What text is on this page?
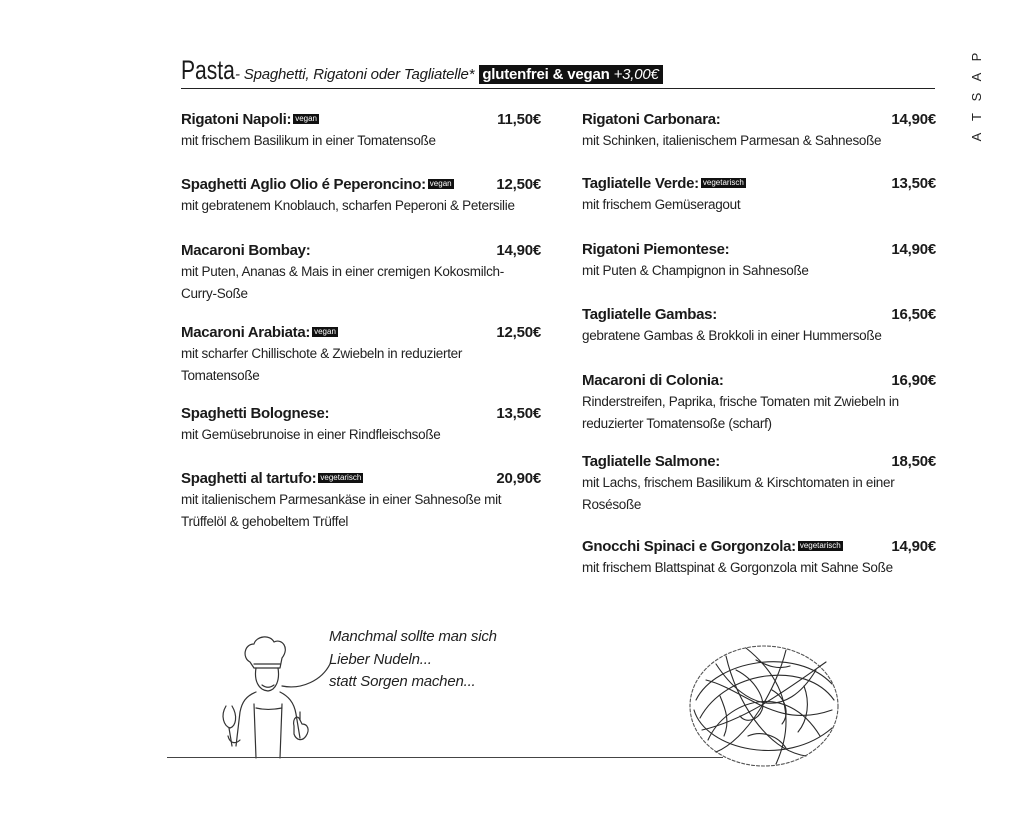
Pasta - Spaghetti, Rigatoni oder Tagliatelle* glutenfrei & vegan +3,00€
P
A
S
T
A
Rigatoni Napoli: vegan	11,50€
mit frischem Basilikum in einer Tomatensoße
Spaghetti Aglio Olio é Peperoncino: vegan	12,50€
mit gebratenem Knoblauch, scharfen Peperoni & Petersilie
Macaroni Bombay:	14,90€
mit Puten, Ananas & Mais in einer cremigen Kokosmilch-Curry-Soße
Macaroni Arabiata: vegan	12,50€
mit scharfer Chillischote & Zwiebeln in reduzierter Tomatensoße
Spaghetti Bolognese:	13,50€
mit Gemüsebrunoise in einer Rindfleischsoße
Spaghetti al tartufo: vegetarisch	20,90€
mit italienischem Parmesankäse in einer Sahnesoße mit Trüffelöl & gehobeltem Trüffel
Rigatoni Carbonara:	14,90€
mit Schinken, italienischem Parmesan & Sahnesoße
Tagliatelle Verde: vegetarisch	13,50€
mit frischem Gemüseragout
Rigatoni Piemontese:	14,90€
mit Puten & Champignon in Sahnesoße
Tagliatelle Gambas:	16,50€
gebratene Gambas & Brokkoli in einer Hummersoße
Macaroni di Colonia:	16,90€
Rinderstreifen, Paprika, frische Tomaten mit Zwiebeln in reduzierter Tomatensoße (scharf)
Tagliatelle Salmone:	18,50€
mit Lachs, frischem Basilikum & Kirschtomaten in einer Rosésoße
Gnocchi Spinaci e Gorgonzola: vegetarisch	14,90€
mit frischem Blattspinat & Gorgonzola mit Sahne Soße
Manchmal sollte man sich
Lieber Nudeln...
statt Sorgen machen...
